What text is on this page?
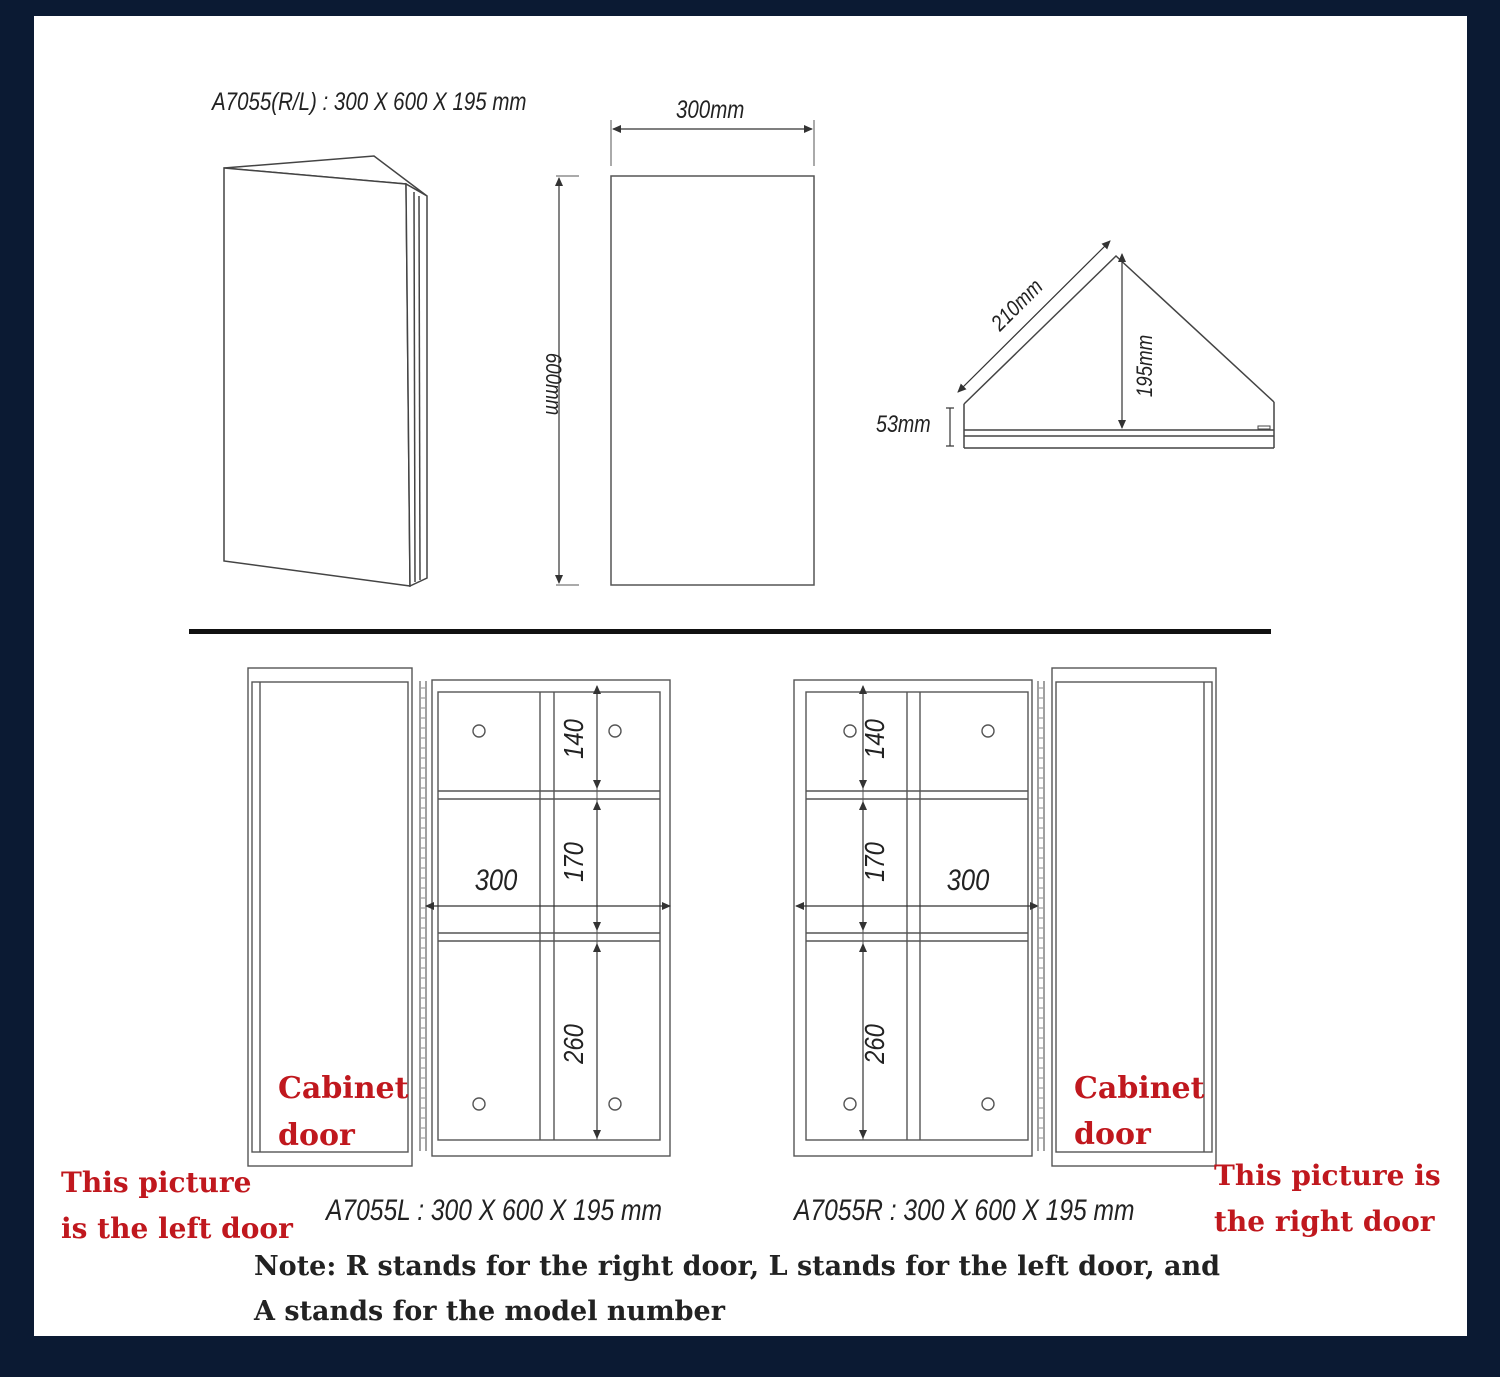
600mm
210mm
195mm
140
170
260
300
140
170
260
300
A7055(R/L) : 300 X 600 X 195 mm	300mm
53mm
Cabinet
door
Cabinet
door
This picture
is the left door
This picture is
the right door
A7055L : 300 X 600 X 195 mm	A7055R : 300 X 600 X 195 mm
Note: R stands for the right door, L stands for the left door, and
A stands for the model number
